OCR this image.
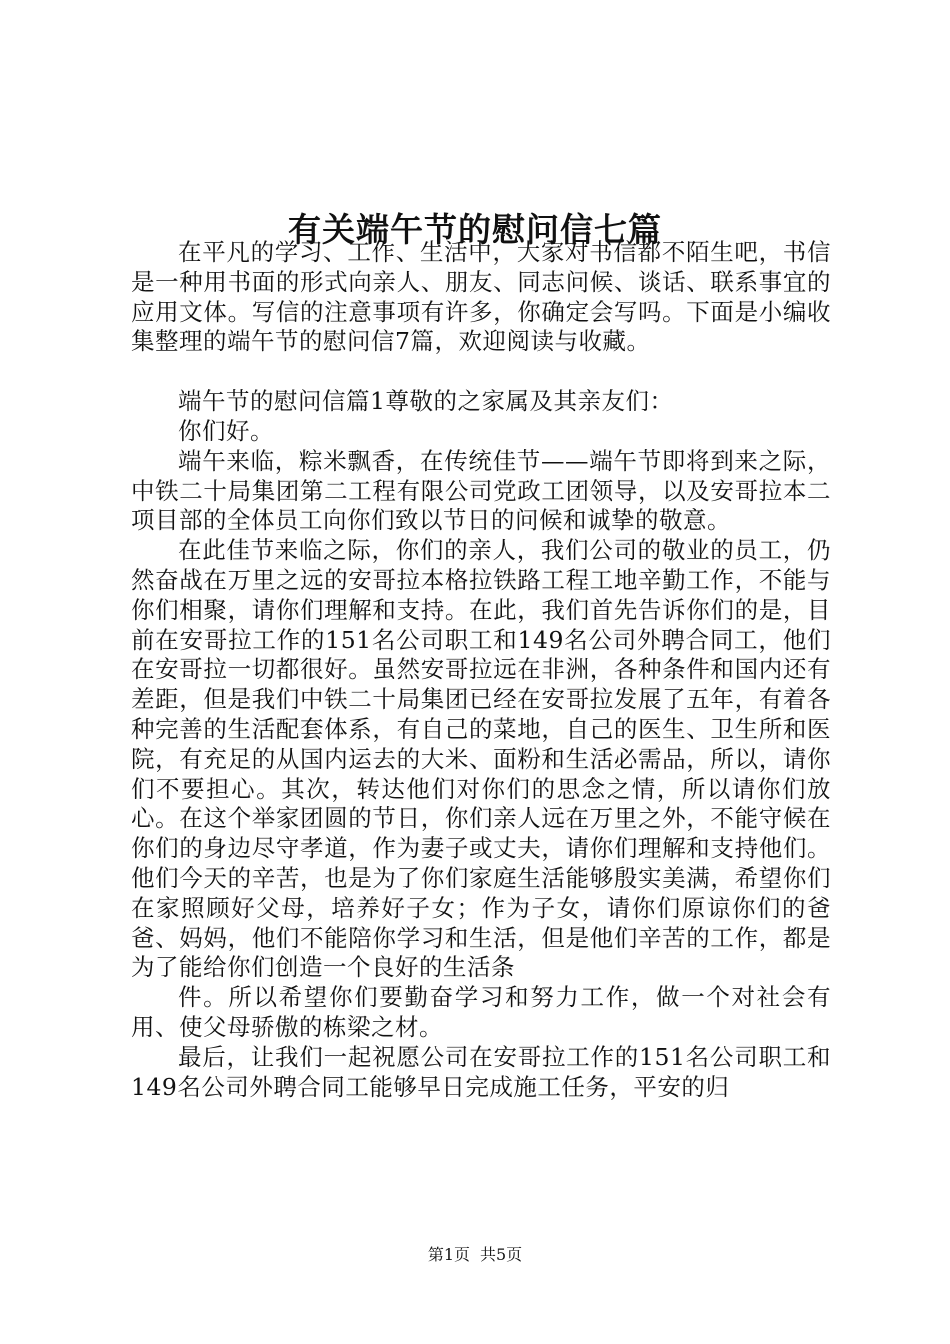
有关端午节的慰问信七篇

在平凡的学习、工作、生活中，大家对书信都不陌生吧，书信是一种用书面的形式向亲人、朋友、同志问候、谈话、联系事宜的应用文体。写信的注意事项有许多，你确定会写吗。下面是小编收集整理的端午节的慰问信7篇，欢迎阅读与收藏。

端午节的慰问信篇1尊敬的之家属及其亲友们：

你们好。

端午来临，粽米飘香，在传统佳节——端午节即将到来之际，中铁二十局集团第二工程有限公司党政工团领导，以及安哥拉本二项目部的全体员工向你们致以节日的问候和诚挚的敬意。

在此佳节来临之际，你们的亲人，我们公司的敬业的员工，仍然奋战在万里之远的安哥拉本格拉铁路工程工地辛勤工作，不能与你们相聚，请你们理解和支持。在此，我们首先告诉你们的是，目前在安哥拉工作的151名公司职工和149名公司外聘合同工，他们在安哥拉一切都很好。虽然安哥拉远在非洲，各种条件和国内还有差距，但是我们中铁二十局集团已经在安哥拉发展了五年，有着各种完善的生活配套体系，有自己的菜地，自己的医生、卫生所和医院，有充足的从国内运去的大米、面粉和生活必需品，所以，请你们不要担心。其次，转达他们对你们的思念之情，所以请你们放心。在这个举家团圆的节日，你们亲人远在万里之外，不能守候在你们的身边尽守孝道，作为妻子或丈夫，请你们理解和支持他们。他们今天的辛苦，也是为了你们家庭生活能够殷实美满，希望你们在家照顾好父母，培养好子女；作为子女，请你们原谅你们的爸爸、妈妈，他们不能陪你学习和生活，但是他们辛苦的工作，都是为了能给你们创造一个良好的生活条

件。所以希望你们要勤奋学习和努力工作，做一个对社会有用、使父母骄傲的栋梁之材。

最后，让我们一起祝愿公司在安哥拉工作的151名公司职工和149名公司外聘合同工能够早日完成施工任务，平安的归

第1页 共5页
